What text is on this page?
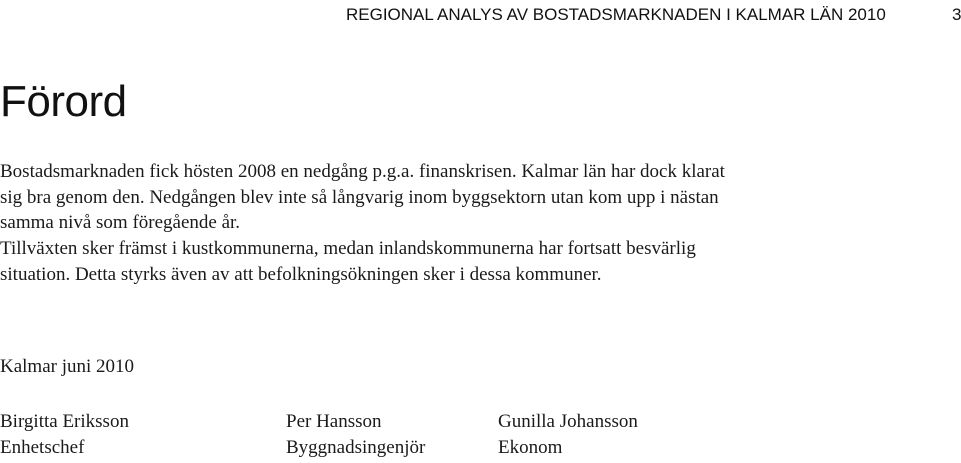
REGIONAL ANALYS AV BOSTADSMARKNADEN I KALMAR LÄN 2010	3
Förord
Bostadsmarknaden fick hösten 2008 en nedgång p.g.a. finanskrisen. Kalmar län har dock klarat
sig bra genom den. Nedgången blev inte så långvarig inom byggsektorn utan kom upp i nästan
samma nivå som föregående år.
Tillväxten sker främst i kustkommunerna, medan inlandskommunerna har fortsatt besvärlig
situation. Detta styrks även av att befolkningsökningen sker i dessa kommuner.
Kalmar juni 2010
Birgitta Eriksson
Enhetschef
Per Hansson
Byggnadsingenjör
Gunilla Johansson
Ekonom
